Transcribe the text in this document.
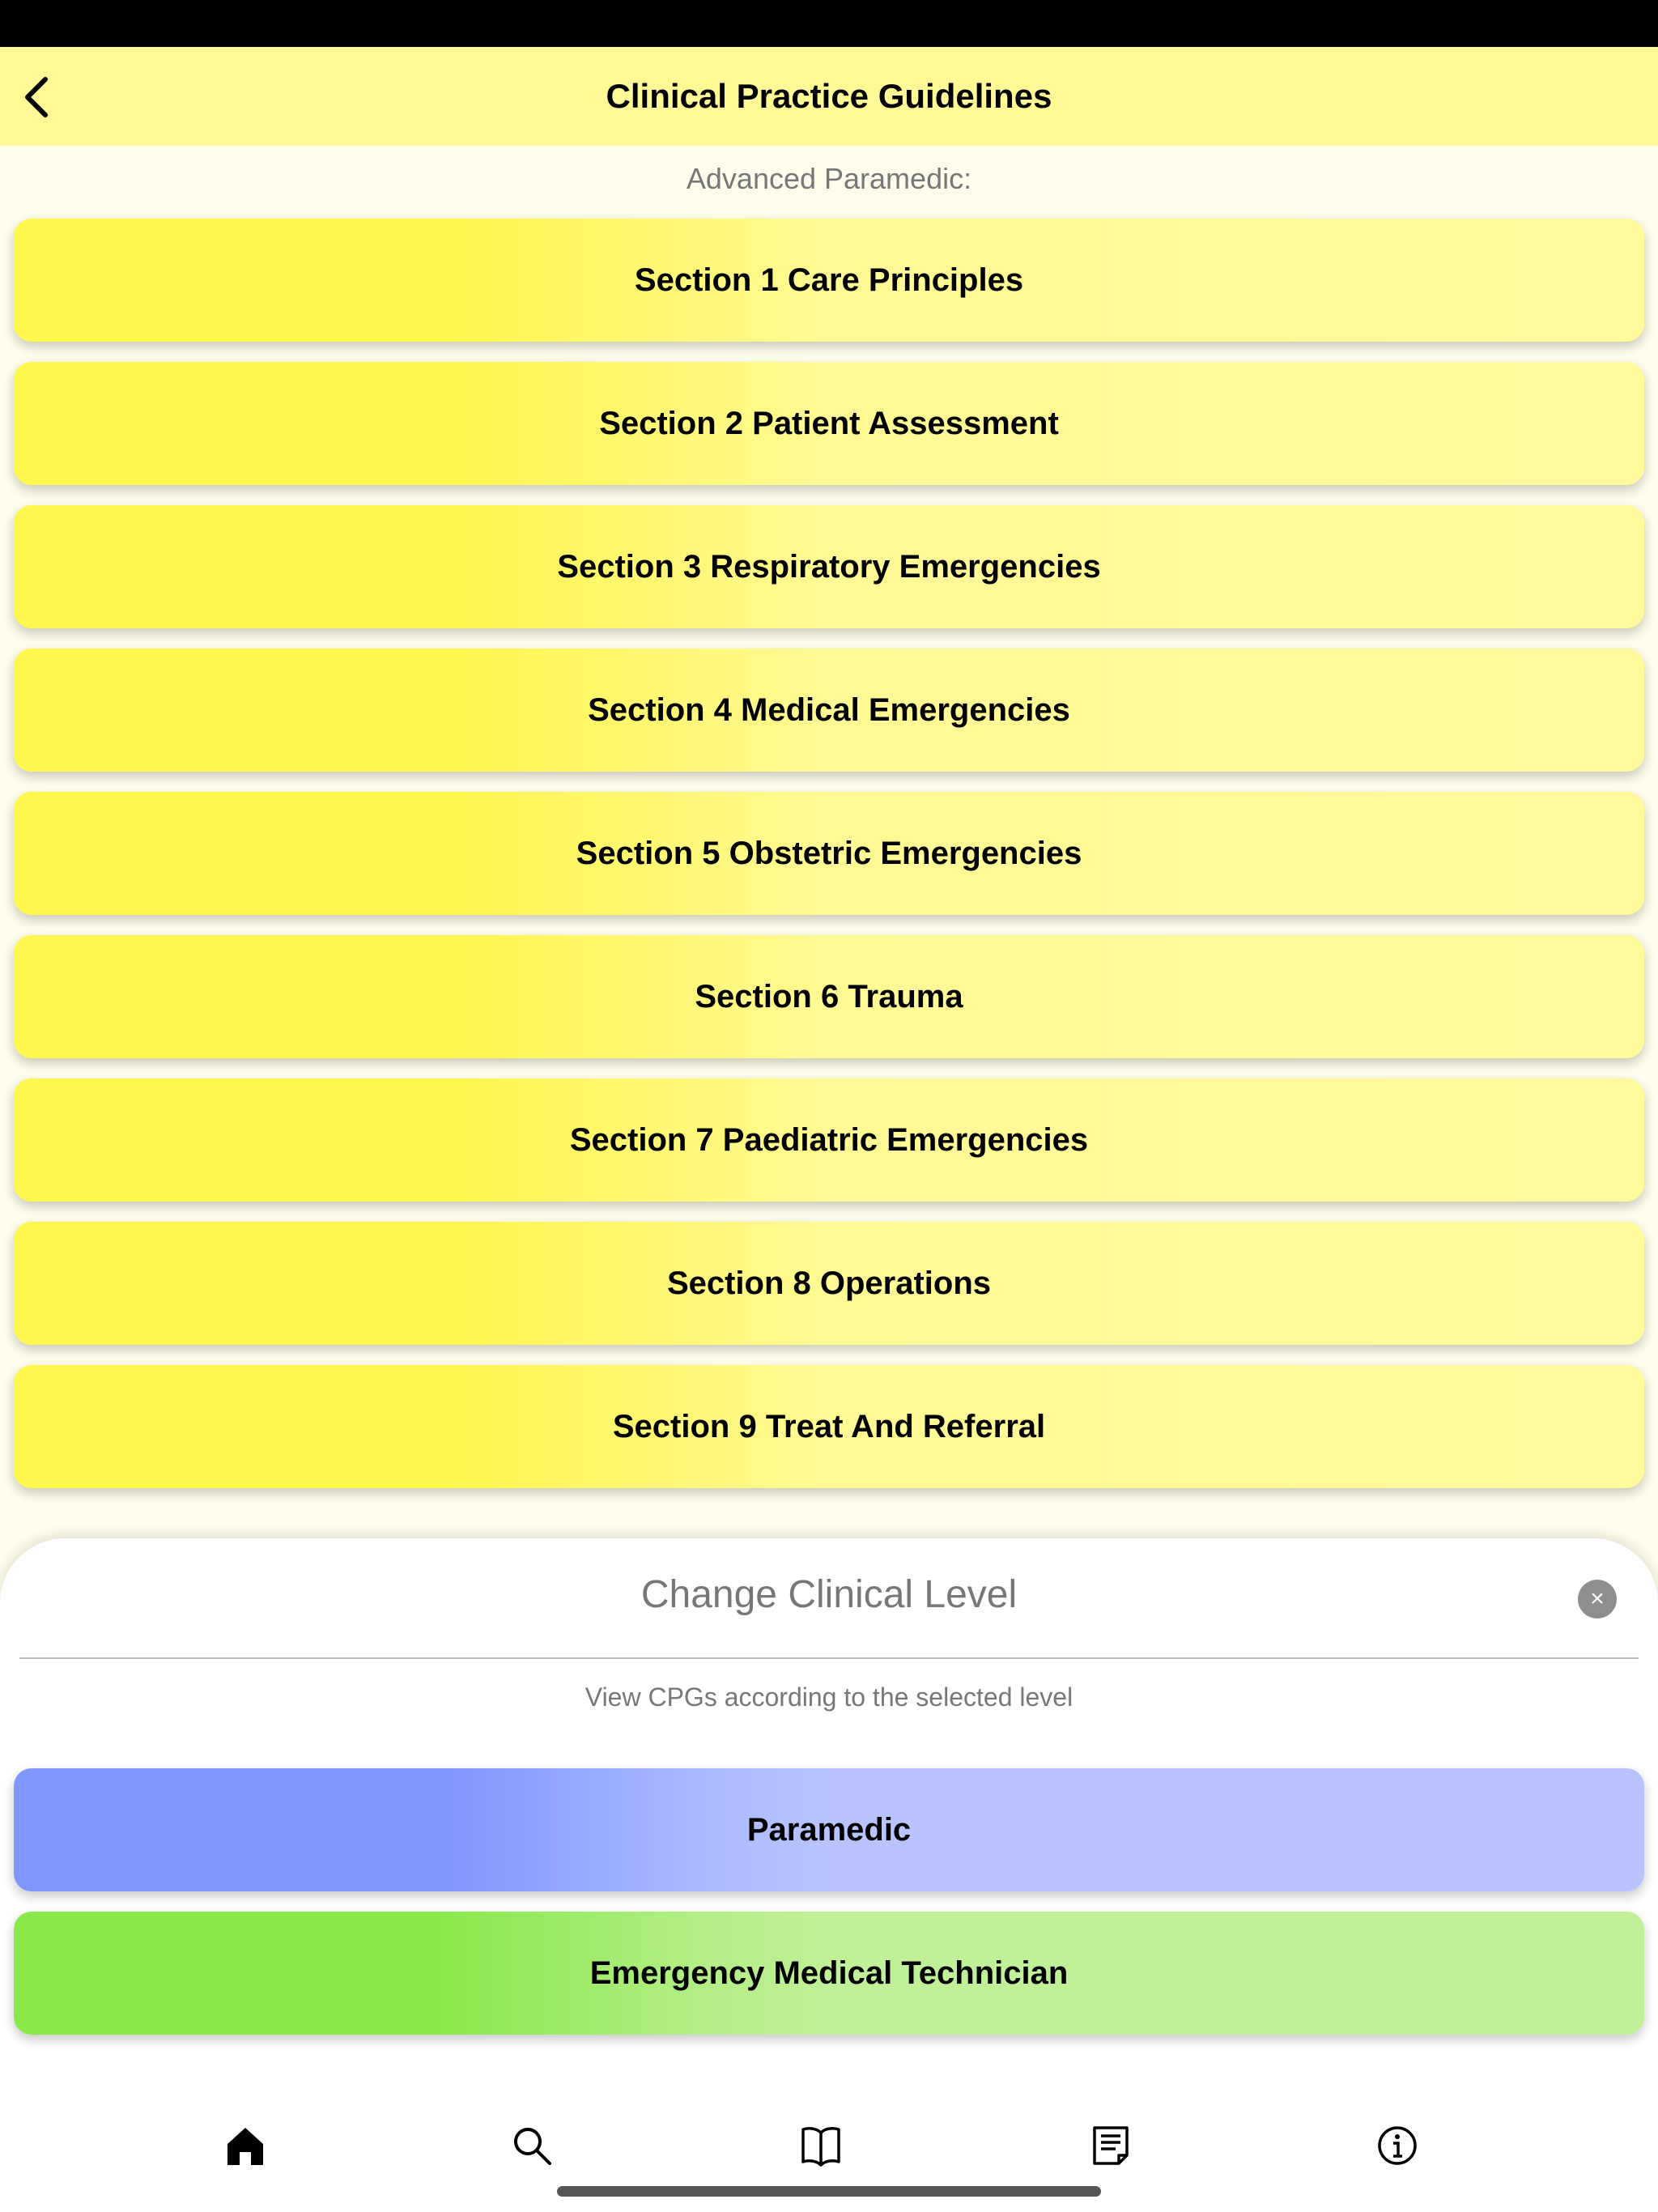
Clinical Practice Guidelines
Advanced Paramedic:
Section 1 Care Principles
Section 2 Patient Assessment
Section 3 Respiratory Emergencies
Section 4 Medical Emergencies
Section 5 Obstetric Emergencies
Section 6 Trauma
Section 7 Paediatric Emergencies
Section 8 Operations
Section 9 Treat And Referral
Change Clinical Level	×
View CPGs according to the selected level
Paramedic
Emergency Medical Technician
